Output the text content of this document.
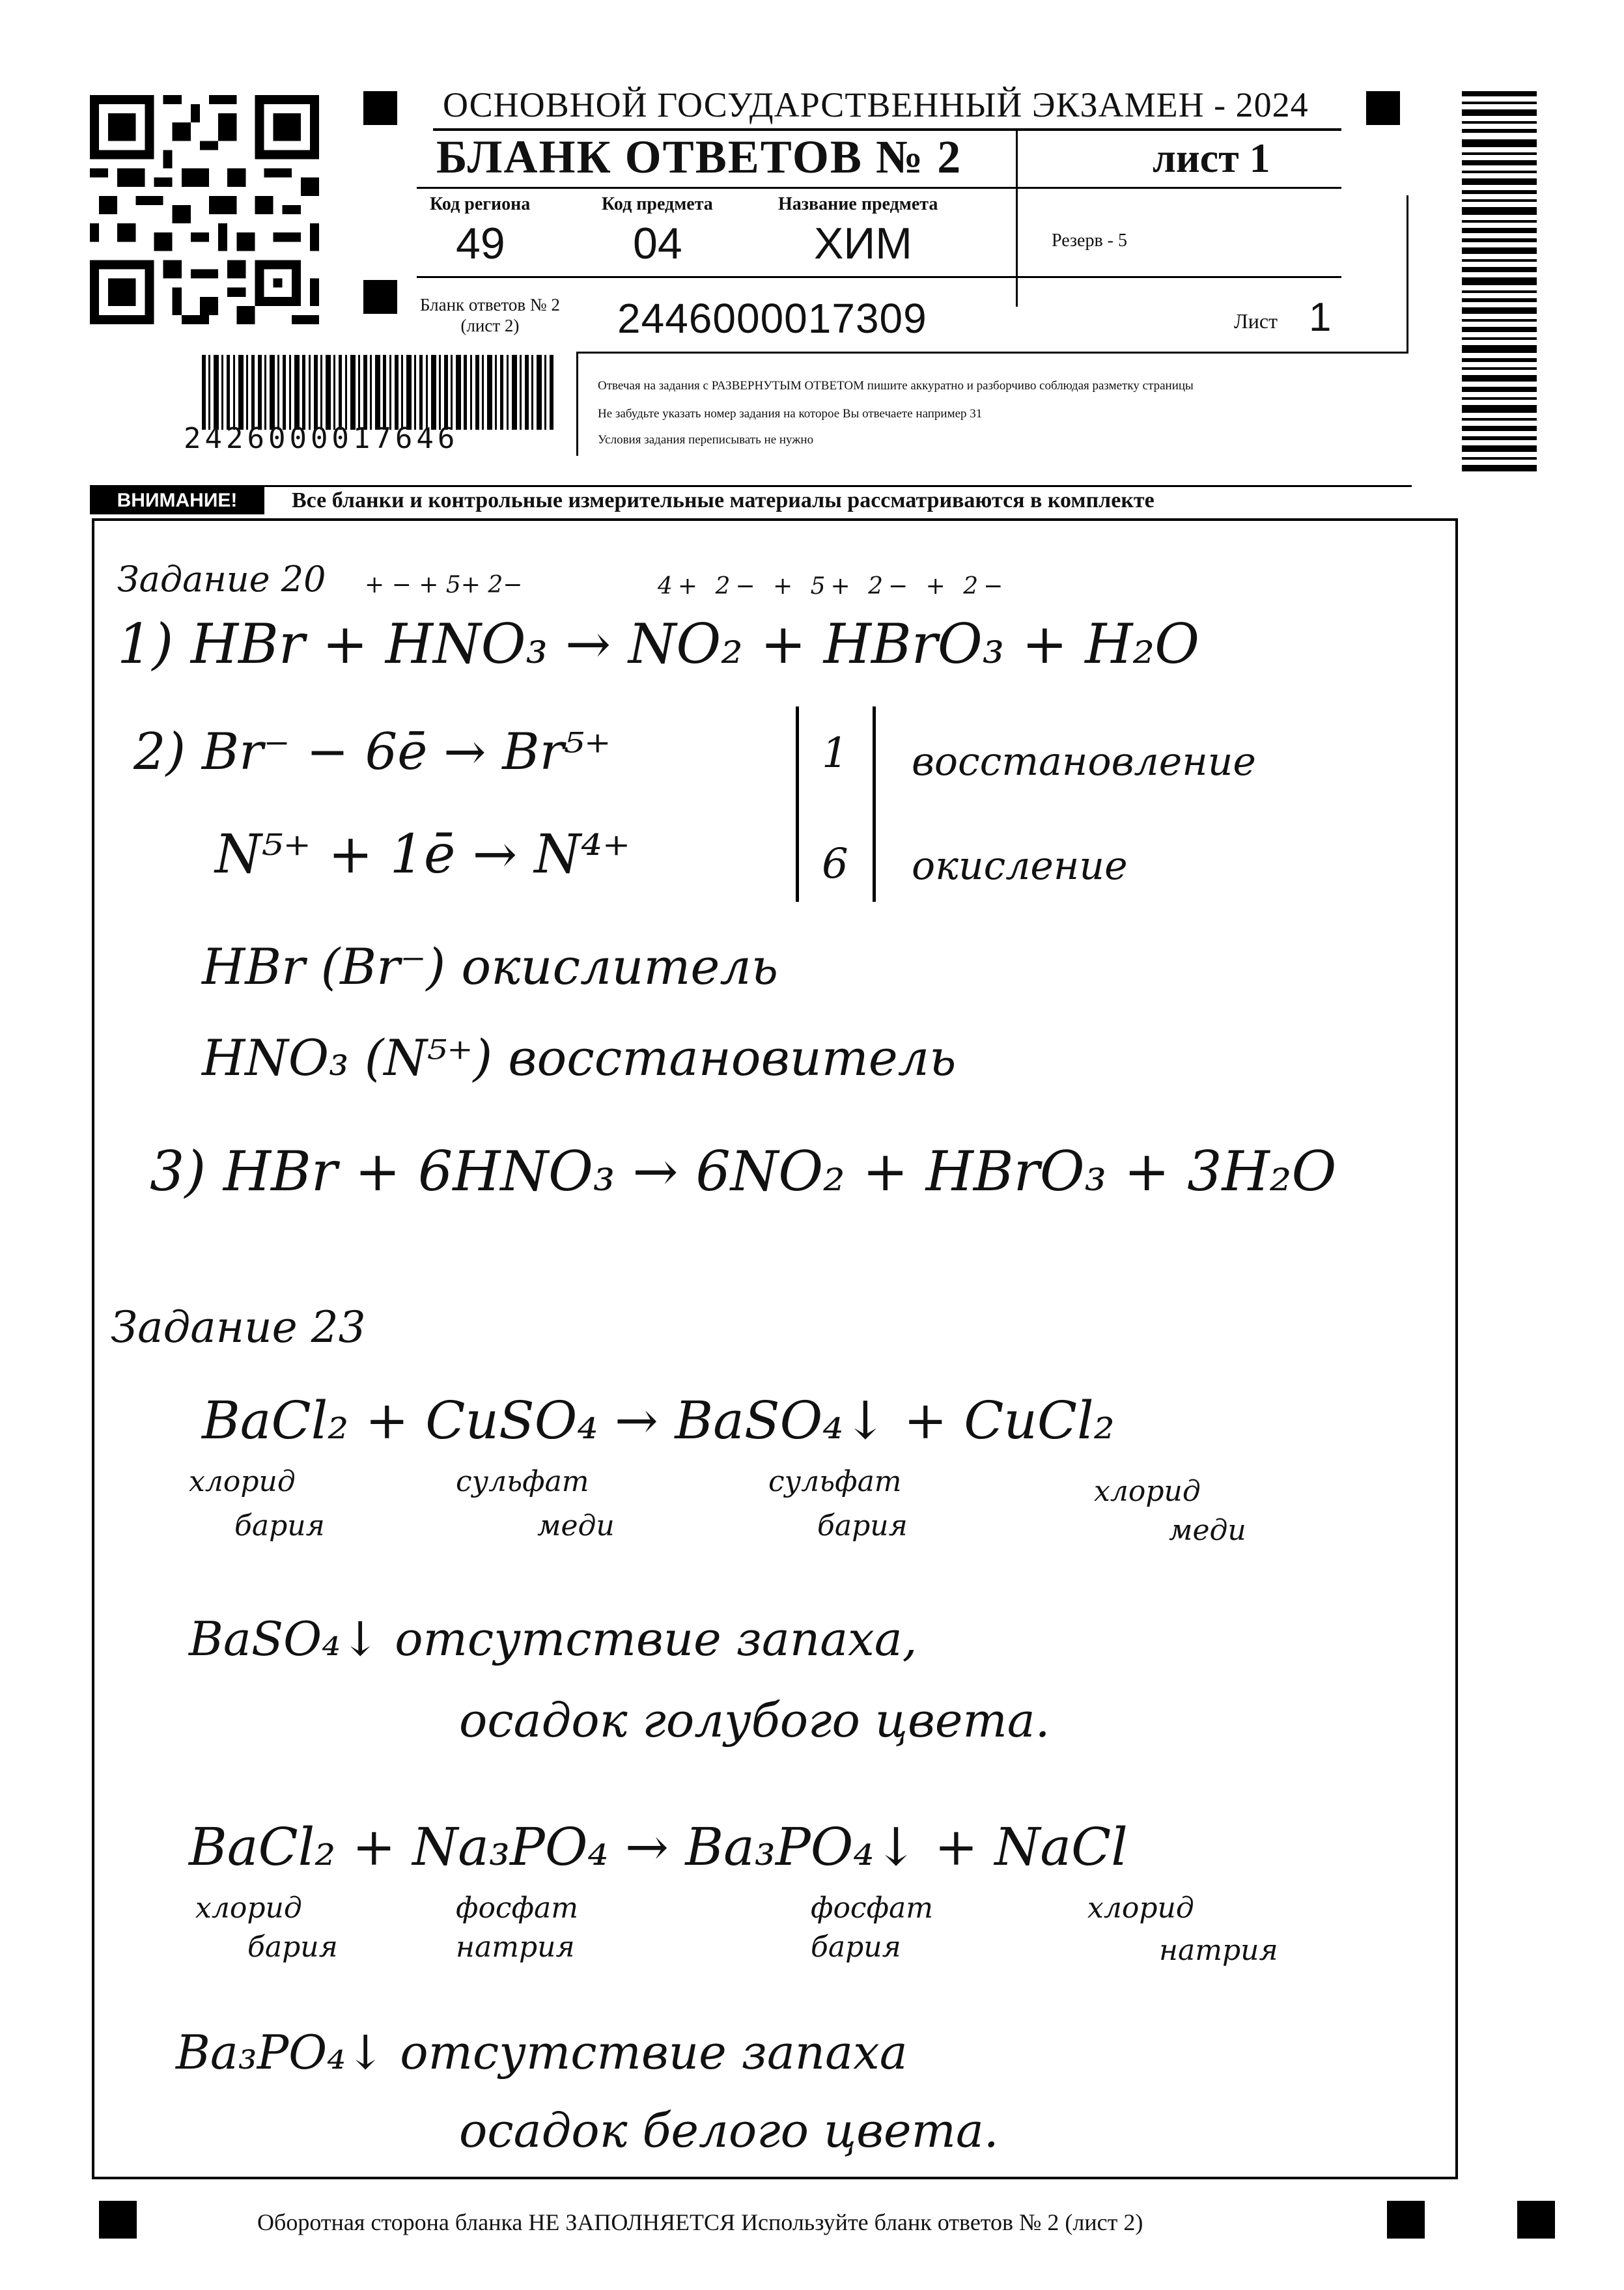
2426000017646
ОСНОВНОЙ ГОСУДАРСТВЕННЫЙ ЭКЗАМЕН - 2024
БЛАНК ОТВЕТОВ № 2	лист 1
Код региона
49
Код предмета
04
Название предмета
ХИМ	Резерв - 5
Бланк ответов № 2
(лист 2)	2446000017309	Лист 1
Отвечая на задания с РАЗВЕРНУТЫМ ОТВЕТОМ пишите аккуратно и разборчиво соблюдая разметку страницы
Не забудьте указать номер задания на которое Вы отвечаете например 31
Условия задания переписывать не нужно
ВНИМАНИЕ!	Все бланки и контрольные измерительные материалы рассматриваются в комплекте
Задание 20 + − + 5+ 2−	4+ 2− + 5+ 2− + 2−
1) HBr + HNO₃ → NO₂ + HBrO₃ + H₂O
2) Br⁻ − 6ē → Br⁵⁺	1 восстановление
N⁵⁺ + 1ē → N⁴⁺	6 окисление
HBr (Br⁻) окислитель
HNO₃ (N⁵⁺) восстановитель
3) HBr + 6HNO₃ → 6NO₂ + HBrO₃ + 3H₂O
Задание 23
BaCl₂ + CuSO₄ → BaSO₄↓ + CuCl₂
хлорид
бария
сульфат
меди
сульфат
бария
хлорид
меди
BaSO₄↓ отсутствие запаха,
осадок голубого цвета.
BaCl₂ + Na₃PO₄ → Ba₃PO₄↓ + NaCl
хлорид
бария
фосфат
натрия
фосфат
бария
хлорид
натрия
Ba₃PO₄↓ отсутствие запаха
осадок белого цвета.
Оборотная сторона бланка НЕ ЗАПОЛНЯЕТСЯ Используйте бланк ответов № 2 (лист 2)
